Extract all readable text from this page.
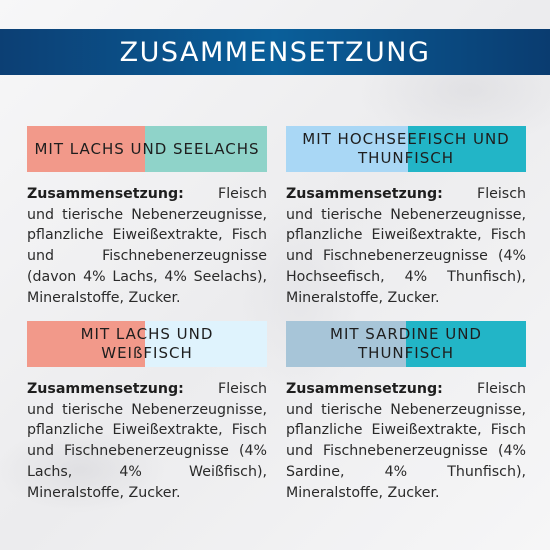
ZUSAMMENSETZUNG
MIT LACHS UND SEELACHS
Zusammensetzung: Fleisch und tierische Nebenerzeugnisse, pflanzliche Eiweißextrakte, Fisch und Fischnebenerzeugnisse (davon 4% Lachs, 4% Seelachs), Mineralstoffe, Zucker.
MIT HOCHSEEFISCH UND THUNFISCH
Zusammensetzung: Fleisch und tierische Nebenerzeugnisse, pflanzliche Eiweißextrakte, Fisch und Fischnebenerzeugnisse (4% Hochseefisch, 4% Thunfisch), Mineralstoffe, Zucker.
MIT LACHS UND WEIßFISCH
Zusammensetzung: Fleisch und tierische Nebenerzeugnisse, pflanzliche Eiweißextrakte, Fisch und Fischnebenerzeugnisse (4% Lachs, 4% Weißfisch), Mineralstoffe, Zucker.
MIT SARDINE UND THUNFISCH
Zusammensetzung: Fleisch und tierische Nebenerzeugnisse, pflanzliche Eiweißextrakte, Fisch und Fischnebenerzeugnisse (4% Sardine, 4% Thunfisch), Mineralstoffe, Zucker.
